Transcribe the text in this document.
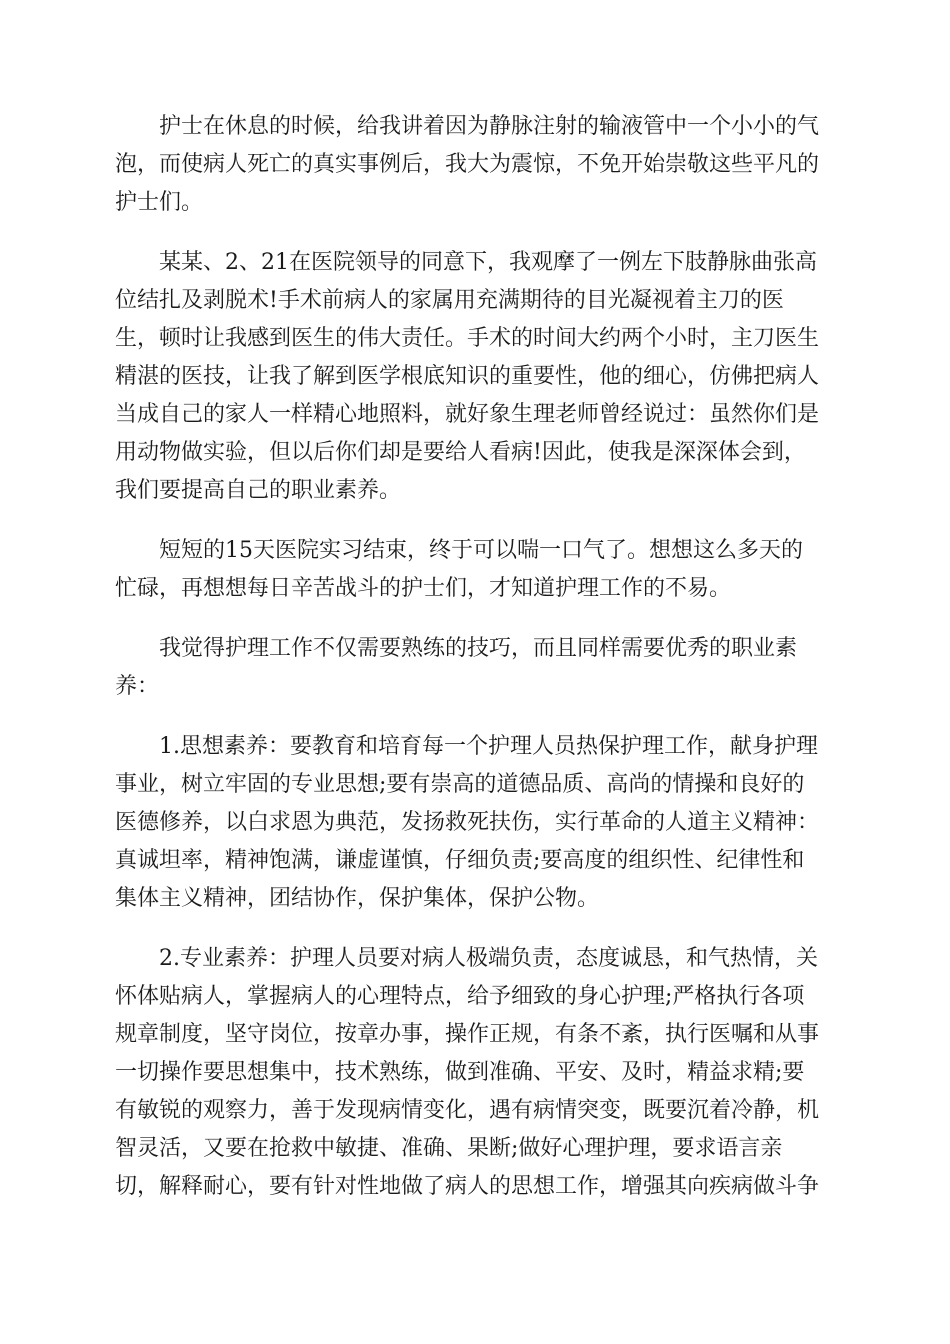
护士在休息的时候，给我讲着因为静脉注射的输液管中一个小小的气
泡，而使病人死亡的真实事例后，我大为震惊，不免开始崇敬这些平凡的
护士们。

某某、2、21在医院领导的同意下，我观摩了一例左下肢静脉曲张高
位结扎及剥脱术!手术前病人的家属用充满期待的目光凝视着主刀的医
生，顿时让我感到医生的伟大责任。手术的时间大约两个小时，主刀医生
精湛的医技，让我了解到医学根底知识的重要性，他的细心，仿佛把病人
当成自己的家人一样精心地照料，就好象生理老师曾经说过：虽然你们是
用动物做实验，但以后你们却是要给人看病!因此，使我是深深体会到，
我们要提高自己的职业素养。

短短的15天医院实习结束，终于可以喘一口气了。想想这么多天的
忙碌，再想想每日辛苦战斗的护士们，才知道护理工作的不易。

我觉得护理工作不仅需要熟练的技巧，而且同样需要优秀的职业素
养：

1.思想素养：要教育和培育每一个护理人员热保护理工作，献身护理
事业，树立牢固的专业思想;要有崇高的道德品质、高尚的情操和良好的
医德修养，以白求恩为典范，发扬救死扶伤，实行革命的人道主义精神：
真诚坦率，精神饱满，谦虚谨慎，仔细负责;要高度的组织性、纪律性和
集体主义精神，团结协作，保护集体，保护公物。

2.专业素养：护理人员要对病人极端负责，态度诚恳，和气热情，关
怀体贴病人，掌握病人的心理特点，给予细致的身心护理;严格执行各项
规章制度，坚守岗位，按章办事，操作正规，有条不紊，执行医嘱和从事
一切操作要思想集中，技术熟练，做到准确、平安、及时，精益求精;要
有敏锐的观察力，善于发现病情变化，遇有病情突变，既要沉着冷静，机
智灵活，又要在抢救中敏捷、准确、果断;做好心理护理，要求语言亲
切，解释耐心，要有针对性地做了病人的思想工作，增强其向疾病做斗争
